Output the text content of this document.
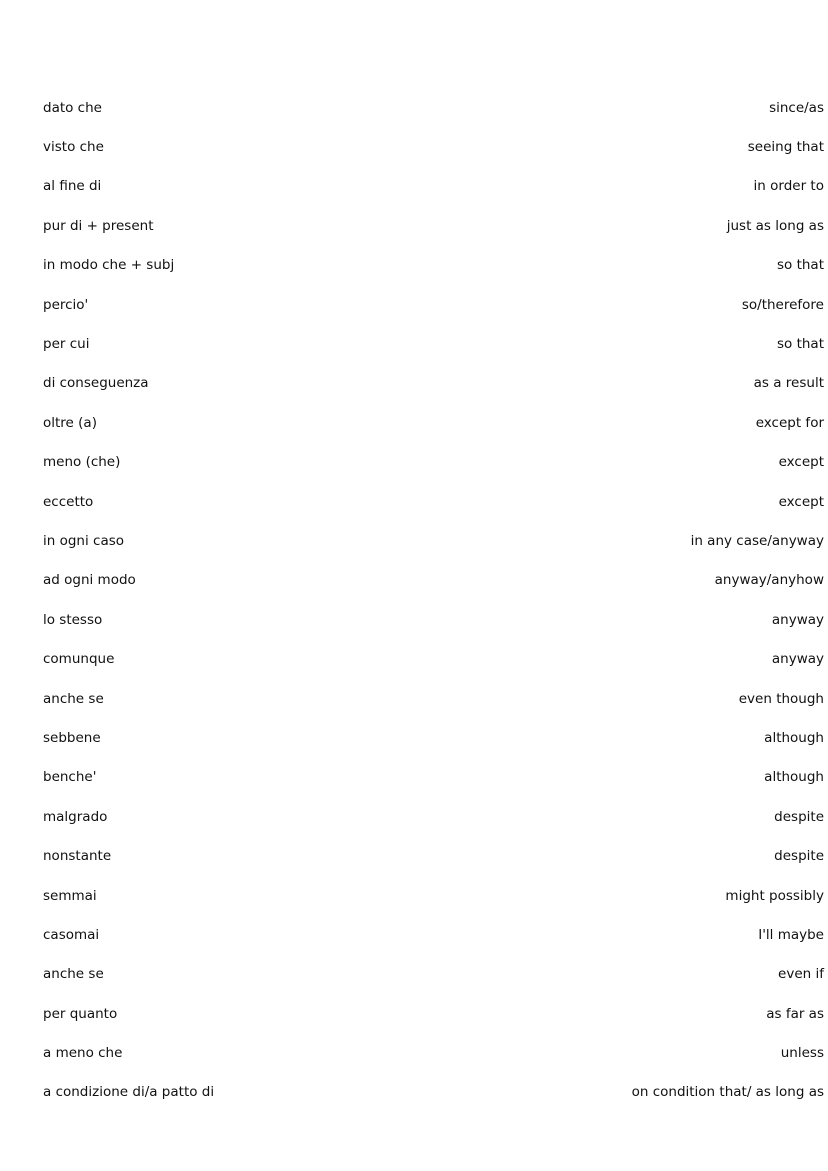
dato che	since/as
visto che	seeing that
al fine di	in order to
pur di + present	just as long as
in modo che + subj	so that
percio'	so/therefore
per cui	so that
di conseguenza	as a result
oltre (a)	except for
meno (che)	except
eccetto	except
in ogni caso	in any case/anyway
ad ogni modo	anyway/anyhow
lo stesso	anyway
comunque	anyway
anche se	even though
sebbene	although
benche'	although
malgrado	despite
nonstante	despite
semmai	might possibly
casomai	I'll maybe
anche se	even if
per quanto	as far as
a meno che	unless
a condizione di/a patto di	on condition that/ as long as
